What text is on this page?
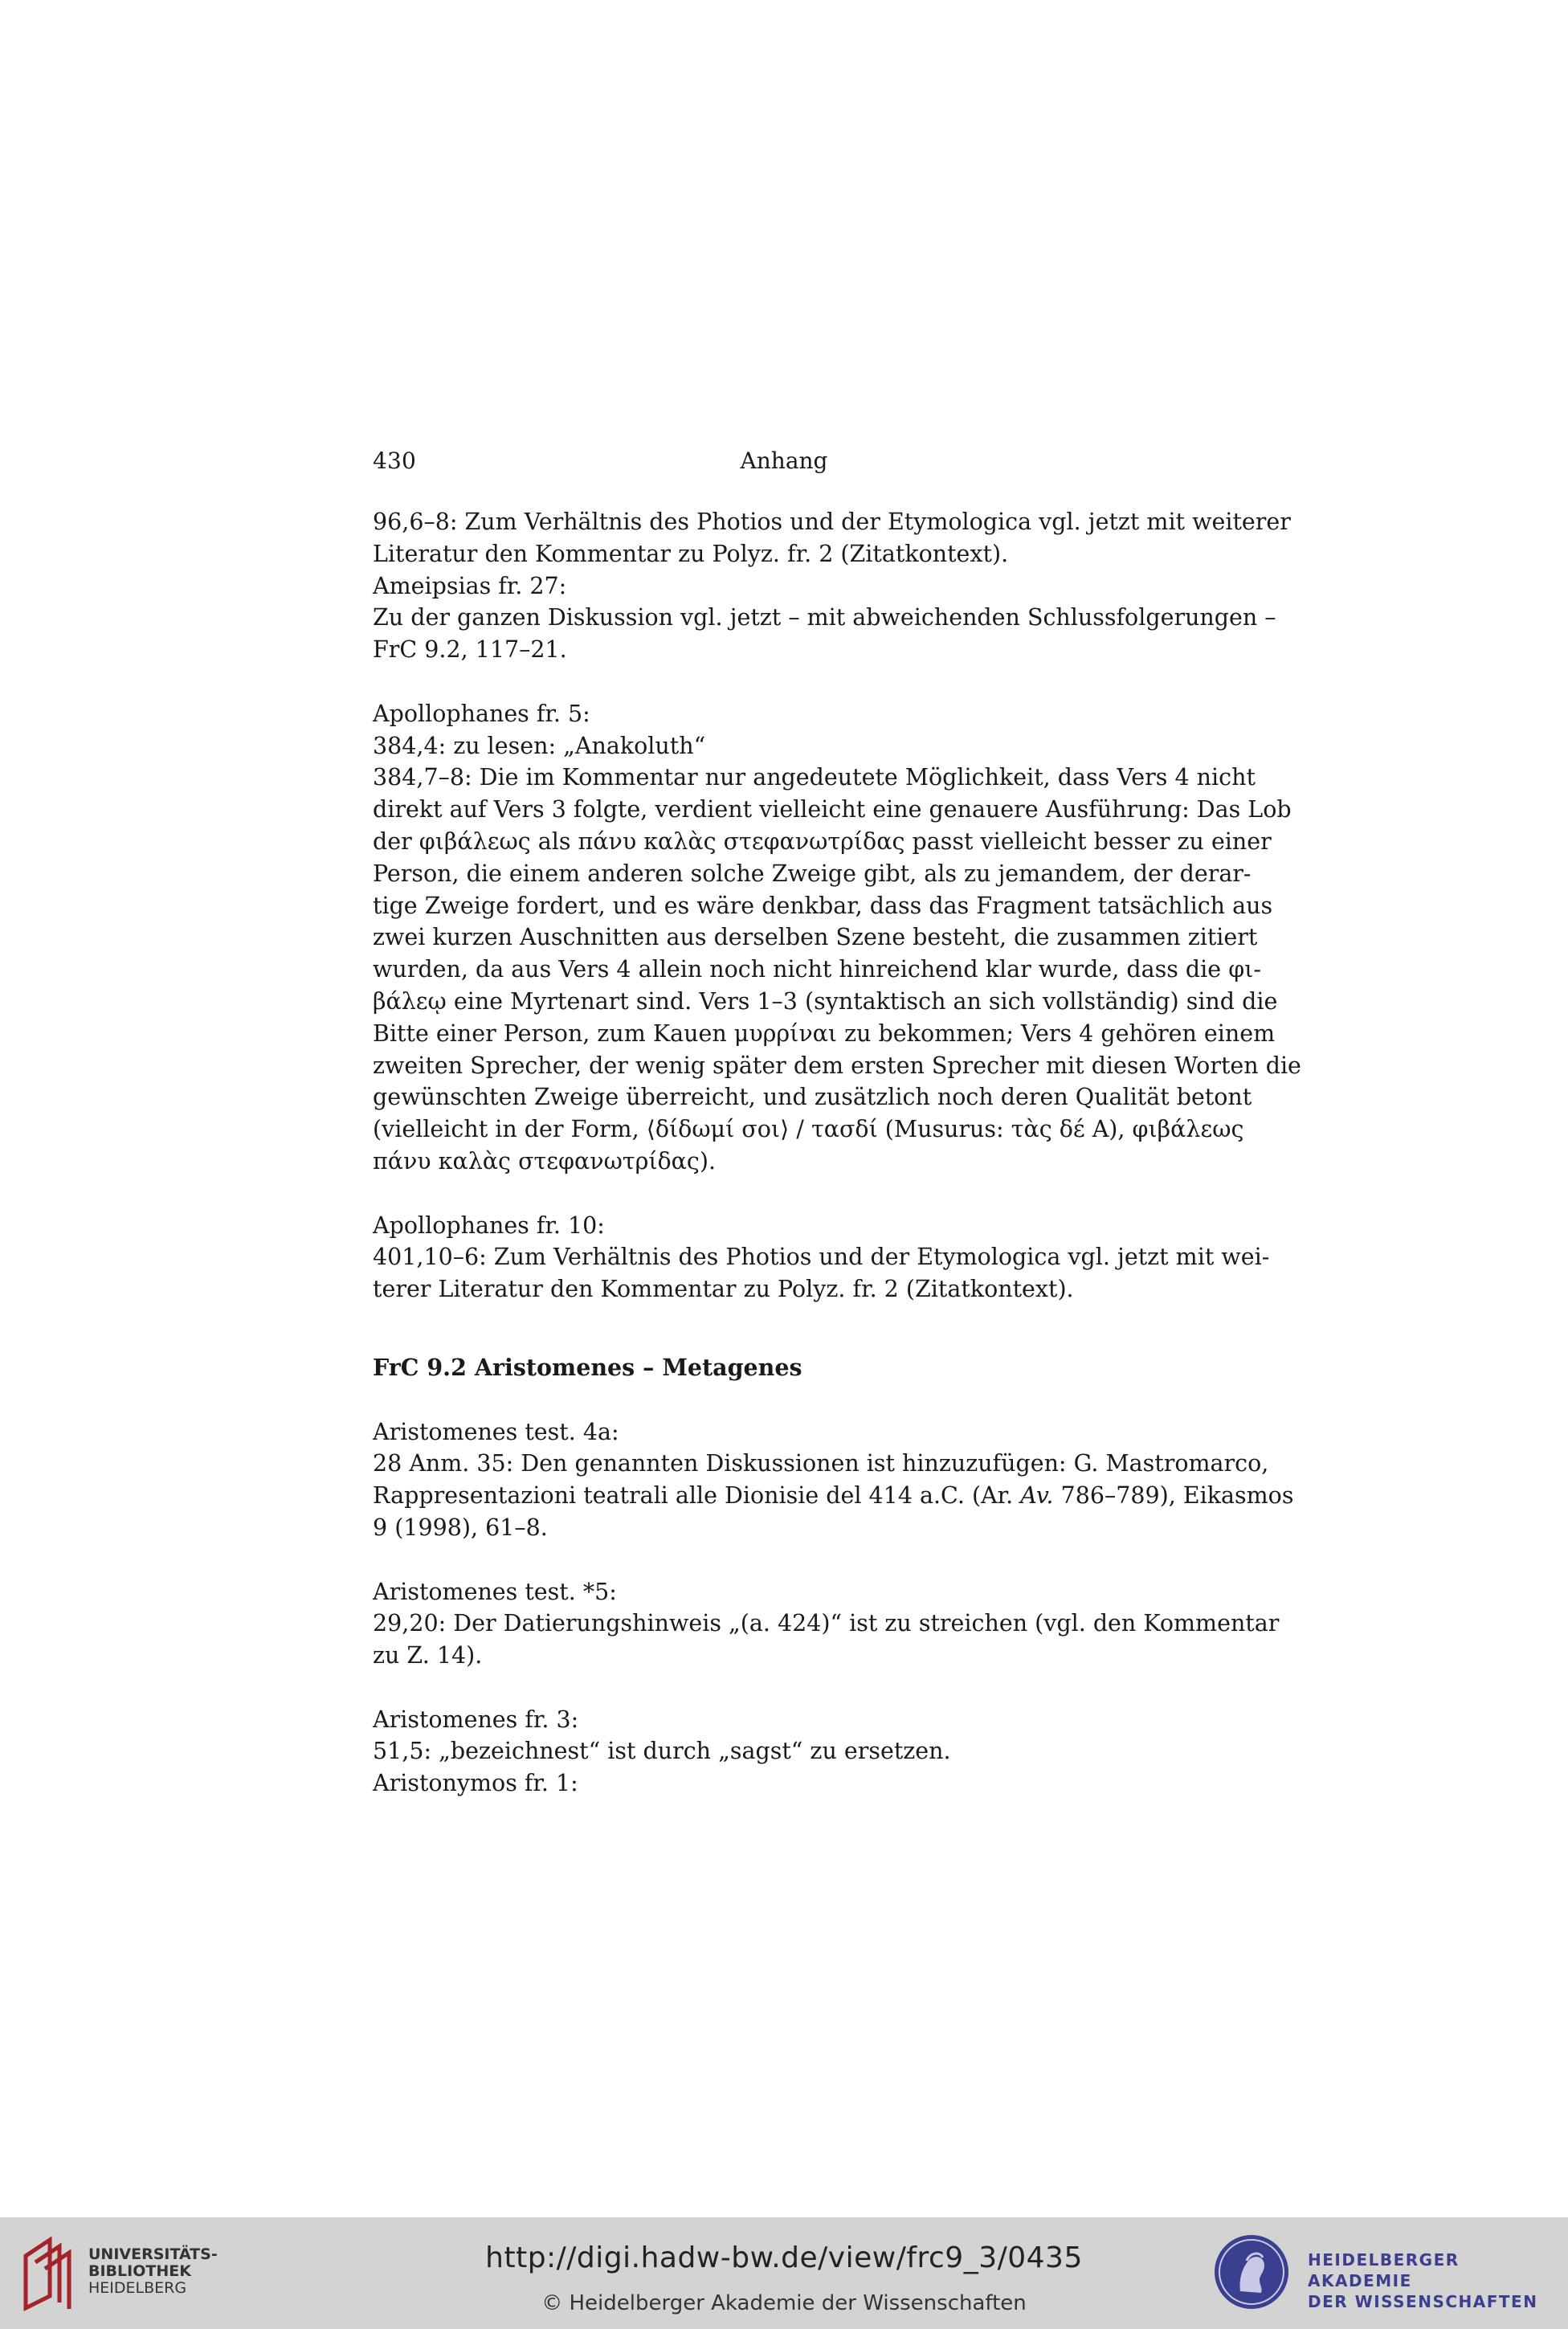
430	Anhang
96,6–8: Zum Verhältnis des Photios und der Etymologica vgl. jetzt mit weiterer
Literatur den Kommentar zu Polyz. fr. 2 (Zitatkontext).
Ameipsias fr. 27:
Zu der ganzen Diskussion vgl. jetzt – mit abweichenden Schlussfolgerungen –
FrC 9.2, 117–21.
Apollophanes fr. 5:
384,4: zu lesen: „Anakoluth“
384,7–8: Die im Kommentar nur angedeutete Möglichkeit, dass Vers 4 nicht
direkt auf Vers 3 folgte, verdient vielleicht eine genauere Ausführung: Das Lob
der φιβάλεως als πάνυ καλὰς στεφανωτρίδας passt vielleicht besser zu einer
Person, die einem anderen solche Zweige gibt, als zu jemandem, der derar-
tige Zweige fordert, und es wäre denkbar, dass das Fragment tatsächlich aus
zwei kurzen Auschnitten aus derselben Szene besteht, die zusammen zitiert
wurden, da aus Vers 4 allein noch nicht hinreichend klar wurde, dass die φι-
βάλεῳ eine Myrtenart sind. Vers 1–3 (syntaktisch an sich vollständig) sind die
Bitte einer Person, zum Kauen μυρρίναι zu bekommen; Vers 4 gehören einem
zweiten Sprecher, der wenig später dem ersten Sprecher mit diesen Worten die
gewünschten Zweige überreicht, und zusätzlich noch deren Qualität betont
(vielleicht in der Form, ⟨δίδωμί σοι⟩ / τασδί (Musurus: τὰς δέ A), φιβάλεως
πάνυ καλὰς στεφανωτρίδας).
Apollophanes fr. 10:
401,10–6: Zum Verhältnis des Photios und der Etymologica vgl. jetzt mit wei-
terer Literatur den Kommentar zu Polyz. fr. 2 (Zitatkontext).

FrC 9.2 Aristomenes – Metagenes

Aristomenes test. 4a:
28 Anm. 35: Den genannten Diskussionen ist hinzuzufügen: G. Mastromarco,
Rappresentazioni teatrali alle Dionisie del 414 a.C. (Ar. Av. 786–789), Eikasmos
9 (1998), 61–8.
Aristomenes test. *5:
29,20: Der Datierungshinweis „(a. 424)“ ist zu streichen (vgl. den Kommentar
zu Z. 14).
Aristomenes fr. 3:
51,5: „bezeichnest“ ist durch „sagst“ zu ersetzen.
Aristonymos fr. 1:
UNIVERSITÄTS-
BIBLIOTHEK
HEIDELBERG
http://digi.hadw-bw.de/view/frc9_3/0435
© Heidelberger Akademie der Wissenschaften
HEIDELBERGER AKADEMIE
DER WISSENSCHAFTEN
